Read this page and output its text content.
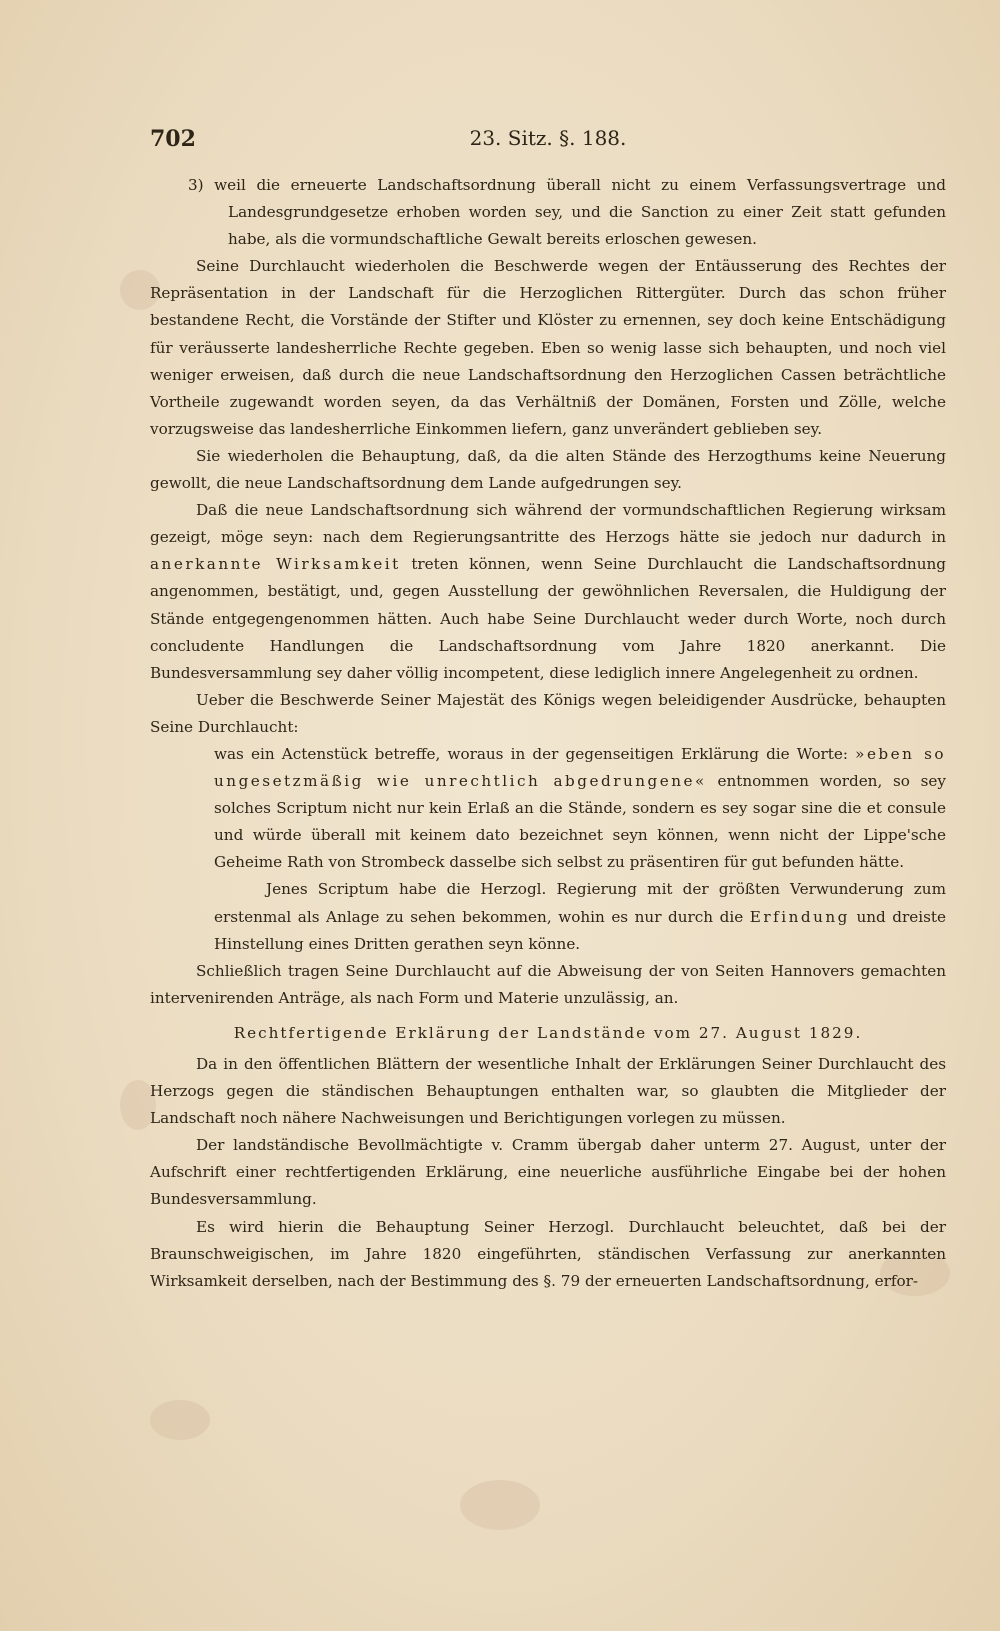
702	23. Sitz. §. 188.

3) weil die erneuerte Landschaftsordnung überall nicht zu einem Verfassungsvertrage und Landesgrundgesetze erhoben worden sey, und die Sanction zu einer Zeit statt gefunden habe, als die vormundschaftliche Gewalt bereits erloschen gewesen.

Seine Durchlaucht wiederholen die Beschwerde wegen der Entäusserung des Rechtes der Repräsentation in der Landschaft für die Herzoglichen Rittergüter. Durch das schon früher bestandene Recht, die Vorstände der Stifter und Klöster zu ernennen, sey doch keine Entschädigung für veräusserte landesherrliche Rechte gegeben. Eben so wenig lasse sich behaupten, und noch viel weniger erweisen, daß durch die neue Landschaftsordnung den Herzoglichen Cassen beträchtliche Vortheile zugewandt worden seyen, da das Verhältniß der Domänen, Forsten und Zölle, welche vorzugsweise das landesherrliche Einkommen liefern, ganz unverändert geblieben sey.

Sie wiederholen die Behauptung, daß, da die alten Stände des Herzogthums keine Neuerung gewollt, die neue Landschaftsordnung dem Lande aufgedrungen sey.

Daß die neue Landschaftsordnung sich während der vormundschaftlichen Regierung wirksam gezeigt, möge seyn: nach dem Regierungsantritte des Herzogs hätte sie jedoch nur dadurch in anerkannte Wirksamkeit treten können, wenn Seine Durchlaucht die Landschaftsordnung angenommen, bestätigt, und, gegen Ausstellung der gewöhnlichen Reversalen, die Huldigung der Stände entgegengenommen hätten. Auch habe Seine Durchlaucht weder durch Worte, noch durch concludente Handlungen die Landschaftsordnung vom Jahre 1820 anerkannt. Die Bundesversammlung sey daher völlig incompetent, diese lediglich innere Angelegenheit zu ordnen.

Ueber die Beschwerde Seiner Majestät des Königs wegen beleidigender Ausdrücke, behaupten Seine Durchlaucht:

was ein Actenstück betreffe, woraus in der gegenseitigen Erklärung die Worte: »eben so ungesetzmäßig wie unrechtlich abgedrungene« entnommen worden, so sey solches Scriptum nicht nur kein Erlaß an die Stände, sondern es sey sogar sine die et consule und würde überall mit keinem dato bezeichnet seyn können, wenn nicht der Lippe'sche Geheime Rath von Strombeck dasselbe sich selbst zu präsentiren für gut befunden hätte.

Jenes Scriptum habe die Herzogl. Regierung mit der größten Verwunderung zum erstenmal als Anlage zu sehen bekommen, wohin es nur durch die Erfindung und dreiste Hinstellung eines Dritten gerathen seyn könne.

Schließlich tragen Seine Durchlaucht auf die Abweisung der von Seiten Hannovers gemachten intervenirenden Anträge, als nach Form und Materie unzulässig, an.

Rechtfertigende Erklärung der Landstände vom 27. August 1829.

Da in den öffentlichen Blättern der wesentliche Inhalt der Erklärungen Seiner Durchlaucht des Herzogs gegen die ständischen Behauptungen enthalten war, so glaubten die Mitglieder der Landschaft noch nähere Nachweisungen und Berichtigungen vorlegen zu müssen.

Der landständische Bevollmächtigte v. Cramm übergab daher unterm 27. August, unter der Aufschrift einer rechtfertigenden Erklärung, eine neuerliche ausführliche Eingabe bei der hohen Bundesversammlung.

Es wird hierin die Behauptung Seiner Herzogl. Durchlaucht beleuchtet, daß bei der Braunschweigischen, im Jahre 1820 eingeführten, ständischen Verfassung zur anerkannten Wirksamkeit derselben, nach der Bestimmung des §. 79 der erneuerten Landschaftsordnung, erfor-
